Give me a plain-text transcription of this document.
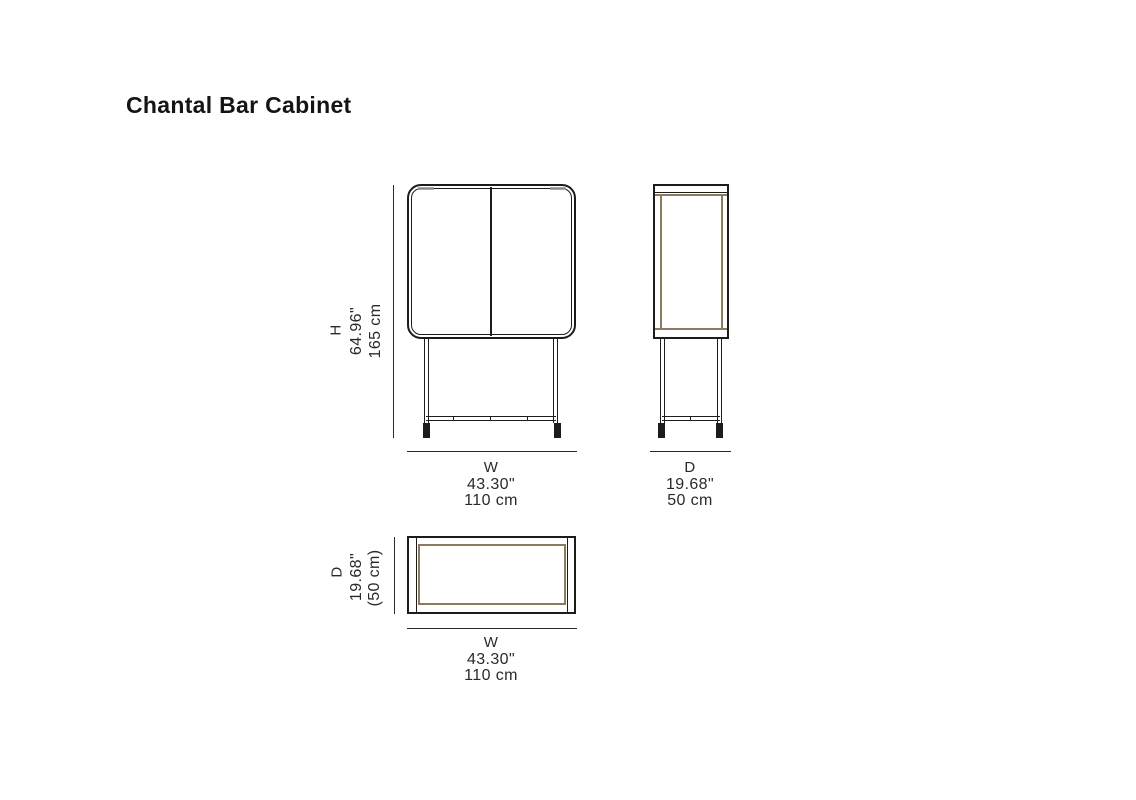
Chantal Bar Cabinet
W
43.30"
110 cm
H 64.96" 165 cm
D
19.68"
50 cm
W
43.30"
110 cm
D 19.68" (50 cm)
